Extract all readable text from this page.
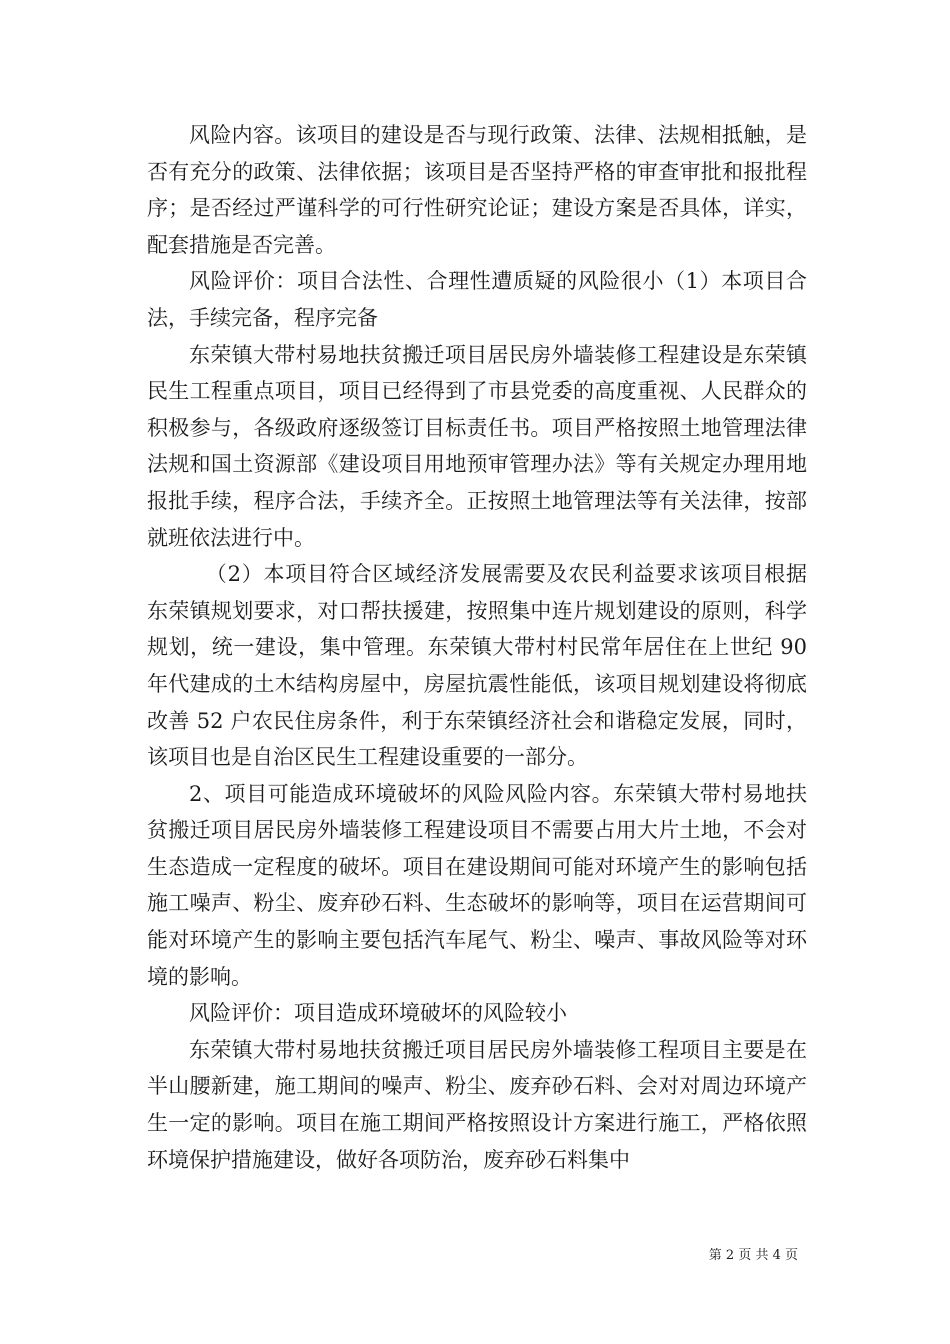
风险内容。该项目的建设是否与现行政策、法律、法规相抵触，是否有充分的政策、法律依据；该项目是否坚持严格的审查审批和报批程序；是否经过严谨科学的可行性研究论证；建设方案是否具体，详实，配套措施是否完善。

风险评价：项目合法性、合理性遭质疑的风险很小（1）本项目合法，手续完备，程序完备

东荣镇大带村易地扶贫搬迁项目居民房外墙装修工程建设是东荣镇民生工程重点项目，项目已经得到了市县党委的高度重视、人民群众的积极参与，各级政府逐级签订目标责任书。项目严格按照土地管理法律法规和国土资源部《建设项目用地预审管理办法》等有关规定办理用地报批手续，程序合法，手续齐全。正按照土地管理法等有关法律，按部就班依法进行中。

（2）本项目符合区域经济发展需要及农民利益要求该项目根据东荣镇规划要求，对口帮扶援建，按照集中连片规划建设的原则，科学规划，统一建设，集中管理。东荣镇大带村村民常年居住在上世纪 90 年代建成的土木结构房屋中，房屋抗震性能低，该项目规划建设将彻底改善 52 户农民住房条件，利于东荣镇经济社会和谐稳定发展，同时，该项目也是自治区民生工程建设重要的一部分。

2、项目可能造成环境破坏的风险风险内容。东荣镇大带村易地扶贫搬迁项目居民房外墙装修工程建设项目不需要占用大片土地，不会对生态造成一定程度的破坏。项目在建设期间可能对环境产生的影响包括施工噪声、粉尘、废弃砂石料、生态破坏的影响等，项目在运营期间可能对环境产生的影响主要包括汽车尾气、粉尘、噪声、事故风险等对环境的影响。

风险评价：项目造成环境破坏的风险较小

东荣镇大带村易地扶贫搬迁项目居民房外墙装修工程项目主要是在半山腰新建，施工期间的噪声、粉尘、废弃砂石料、会对对周边环境产生一定的影响。项目在施工期间严格按照设计方案进行施工，严格依照环境保护措施建设，做好各项防治，废弃砂石料集中

第 2 页 共 4 页
